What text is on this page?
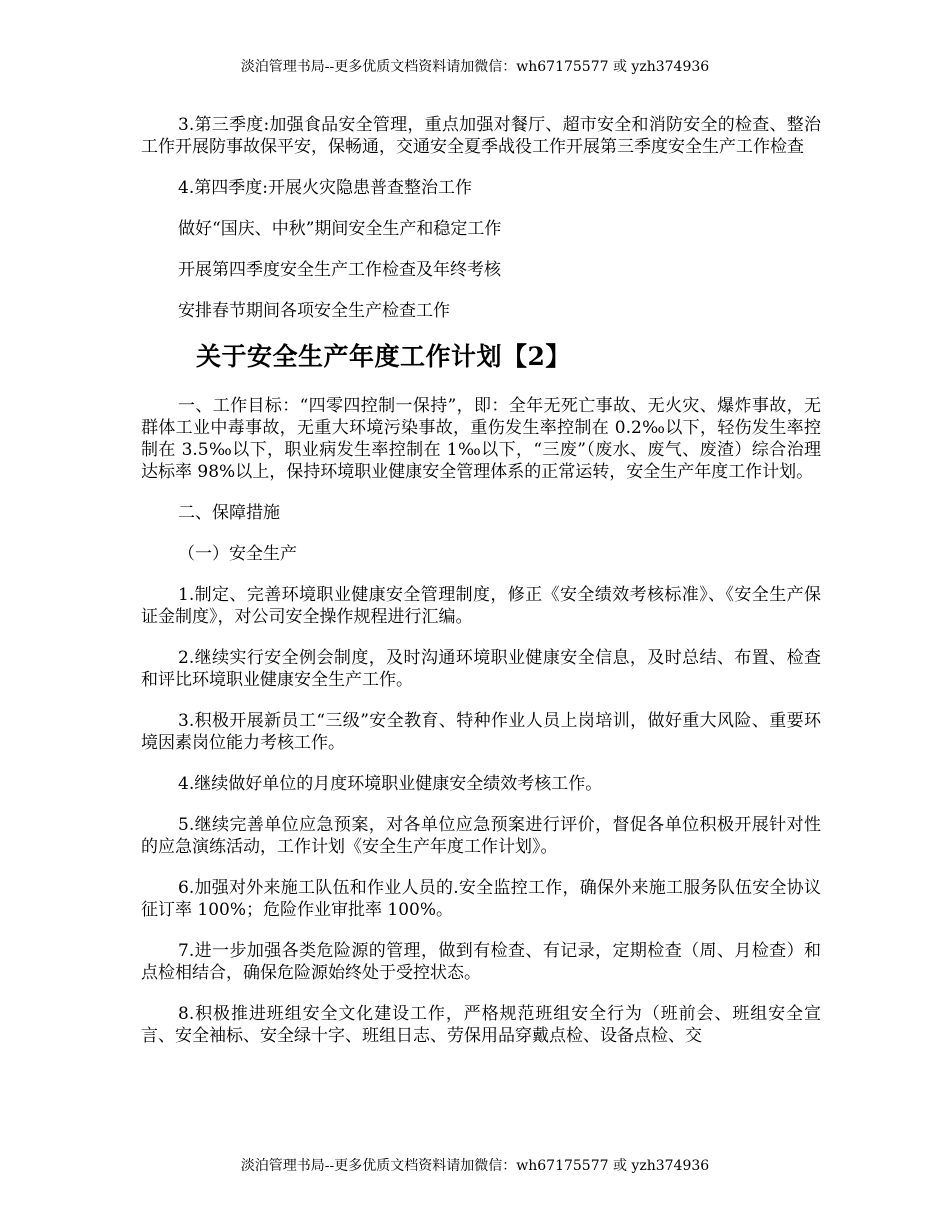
淡泊管理书局--更多优质文档资料请加微信：wh67175577 或 yzh374936

3.第三季度:加强食品安全管理，重点加强对餐厅、超市安全和消防安全的检查、整治工作开展防事故保平安，保畅通，交通安全夏季战役工作开展第三季度安全生产工作检查

4.第四季度:开展火灾隐患普查整治工作

做好“国庆、中秋”期间安全生产和稳定工作

开展第四季度安全生产工作检查及年终考核

安排春节期间各项安全生产检查工作

关于安全生产年度工作计划【2】

一、工作目标：“四零四控制一保持”，即：全年无死亡事故、无火灾、爆炸事故，无群体工业中毒事故，无重大环境污染事故，重伤发生率控制在 0.2‰以下，轻伤发生率控制在 3.5‰以下，职业病发生率控制在 1‰以下，“三废”（废水、废气、废渣）综合治理达标率 98%以上，保持环境职业健康安全管理体系的正常运转，安全生产年度工作计划。

二、保障措施

（一）安全生产

1.制定、完善环境职业健康安全管理制度，修正《安全绩效考核标准》、《安全生产保证金制度》，对公司安全操作规程进行汇编。

2.继续实行安全例会制度，及时沟通环境职业健康安全信息，及时总结、布置、检查和评比环境职业健康安全生产工作。

3.积极开展新员工“三级”安全教育、特种作业人员上岗培训，做好重大风险、重要环境因素岗位能力考核工作。

4.继续做好单位的月度环境职业健康安全绩效考核工作。

5.继续完善单位应急预案，对各单位应急预案进行评价，督促各单位积极开展针对性的应急演练活动，工作计划《安全生产年度工作计划》。

6.加强对外来施工队伍和作业人员的.安全监控工作，确保外来施工服务队伍安全协议征订率 100%；危险作业审批率 100%。

7.进一步加强各类危险源的管理，做到有检查、有记录，定期检查（周、月检查）和点检相结合，确保危险源始终处于受控状态。

8.积极推进班组安全文化建设工作，严格规范班组安全行为（班前会、班组安全宣言、安全袖标、安全绿十字、班组日志、劳保用品穿戴点检、设备点检、交

淡泊管理书局--更多优质文档资料请加微信：wh67175577 或 yzh374936
